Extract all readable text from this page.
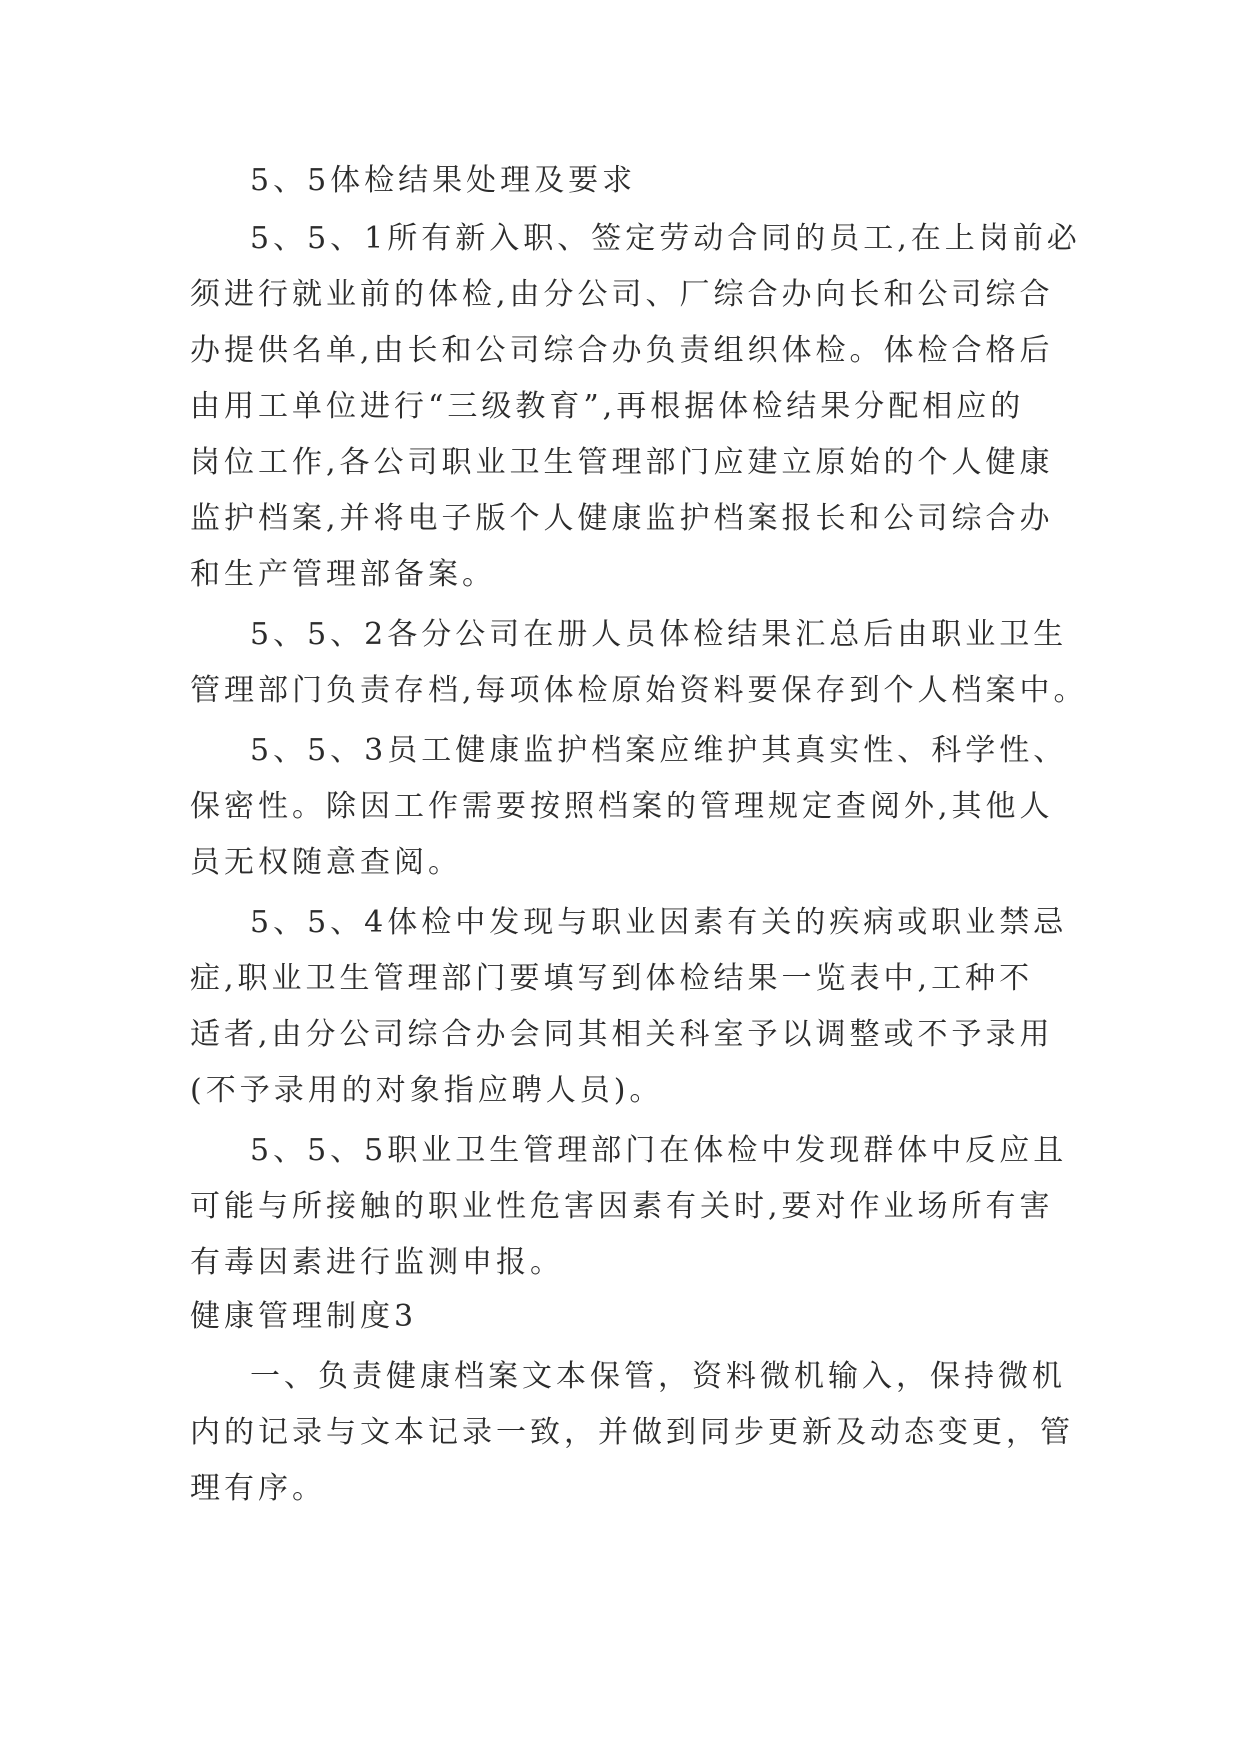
5、5体检结果处理及要求
5、5、1所有新入职、签定劳动合同的员工,在上岗前必
须进行就业前的体检,由分公司、厂综合办向长和公司综合
办提供名单,由长和公司综合办负责组织体检。体检合格后
由用工单位进行“三级教育”,再根据体检结果分配相应的
岗位工作,各公司职业卫生管理部门应建立原始的个人健康
监护档案,并将电子版个人健康监护档案报长和公司综合办
和生产管理部备案。
5、5、2各分公司在册人员体检结果汇总后由职业卫生
管理部门负责存档,每项体检原始资料要保存到个人档案中。
5、5、3员工健康监护档案应维护其真实性、科学性、
保密性。除因工作需要按照档案的管理规定查阅外,其他人
员无权随意查阅。
5、5、4体检中发现与职业因素有关的疾病或职业禁忌
症,职业卫生管理部门要填写到体检结果一览表中,工种不
适者,由分公司综合办会同其相关科室予以调整或不予录用
(不予录用的对象指应聘人员)。
5、5、5职业卫生管理部门在体检中发现群体中反应且
可能与所接触的职业性危害因素有关时,要对作业场所有害
有毒因素进行监测申报。
健康管理制度3
一、负责健康档案文本保管，资料微机输入，保持微机
内的记录与文本记录一致，并做到同步更新及动态变更，管
理有序。
